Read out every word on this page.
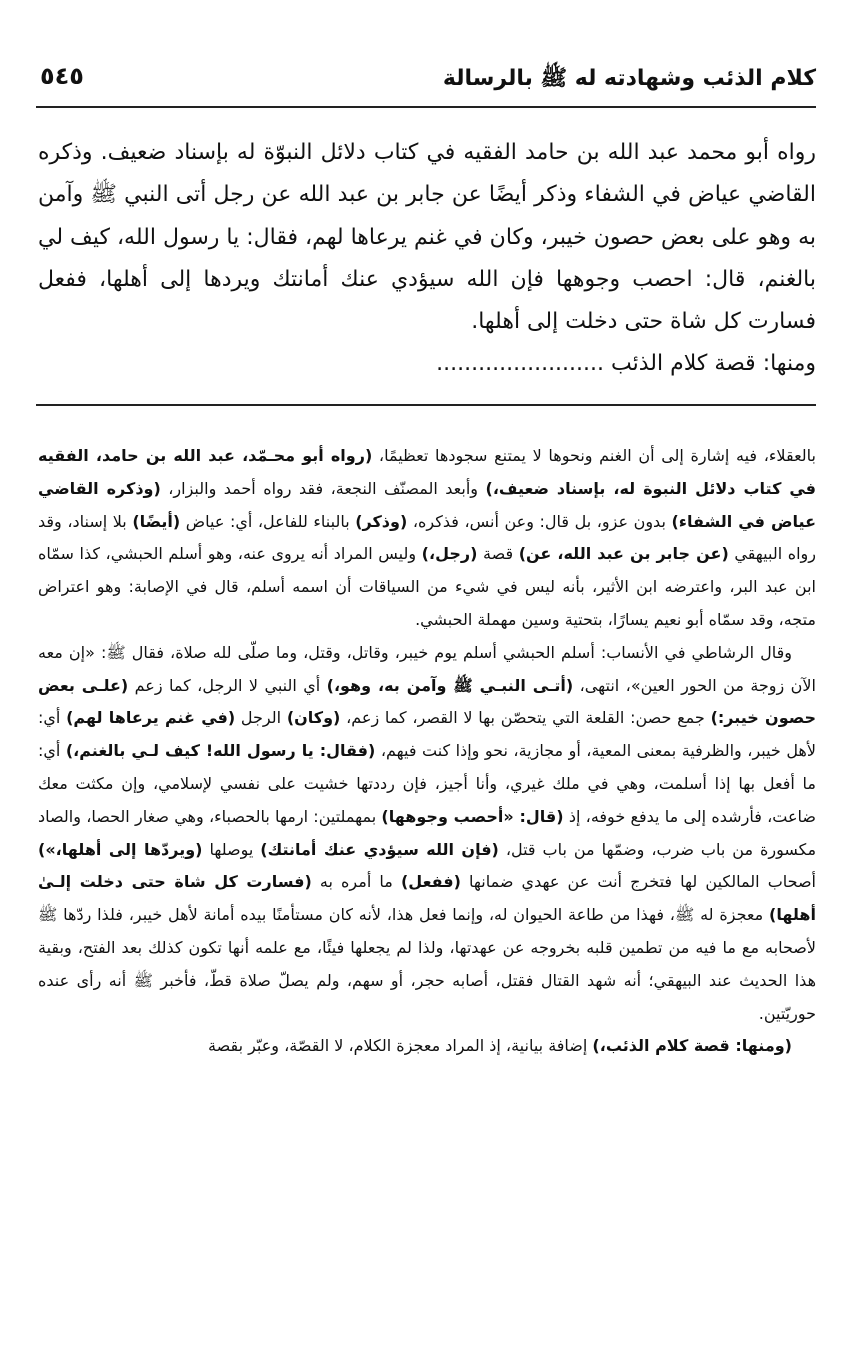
كلام الذئب وشهادته له ﷺ بالرسالة
٥٤٥

رواه أبو محمد عبد الله بن حامد الفقيه في كتاب دلائل النبوّة له بإسناد ضعيف. وذكره القاضي عياض في الشفاء وذكر أيضًا عن جابر بن عبد الله عن رجل أتى النبي ﷺ وآمن به وهو على بعض حصون خيبر، وكان في غنم يرعاها لهم، فقال: يا رسول الله، كيف لي بالغنم، قال: احصب وجوهها فإن الله سيؤدي عنك أمانتك ويردها إلى أهلها، ففعل فسارت كل شاة حتى دخلت إلى أهلها.

ومنها: قصة كلام الذئب ........................

بالعقلاء، فيه إشارة إلى أن الغنم ونحوها لا يمتنع سجودها تعظيمًا، (رواه أبو محـمّد، عبد الله بن حامد، الفقيه في كتاب دلائل النبوة له، بإسناد ضعيف،) وأبعد المصنّف النجعة، فقد رواه أحمد والبزار، (وذكره القاضي عياض في الشفاء) بدون عزو، بل قال: وعن أنس، فذكره، (وذكر) بالبناء للفاعل، أي: عياض (أيضًا) بلا إسناد، وقد رواه البيهقي (عن جابر بن عبد الله، عن) قصة (رجل،) وليس المراد أنه يروى عنه، وهو أسلم الحبشي، كذا سمّاه ابن عبد البر، واعترضه ابن الأثير، بأنه ليس في شيء من السياقات أن اسمه أسلم، قال في الإصابة: وهو اعتراض متجه، وقد سمّاه أبو نعيم يسارًا، بتحتية وسين مهملة الحبشي.

وقال الرشاطي في الأنساب: أسلم الحبشي أسلم يوم خيبر، وقاتل، وقتل، وما صلّى لله صلاة، فقال ﷺ: «إن معه الآن زوجة من الحور العين»، انتهى، (أتـى النبـي ﷺ وآمن به، وهو،) أي النبي لا الرجل، كما زعم (علـى بعض حصون خيبر:) جمع حصن: القلعة التي يتحصّن بها لا القصر، كما زعم، (وكان) الرجل (في غنم يرعاها لهم) أي: لأهل خيبر، والظرفية بمعنى المعية، أو مجازية، نحو وإذا كنت فيهم، (فقال: يا رسول الله! كيف لـي بالغنم،) أي: ما أفعل بها إذا أسلمت، وهي في ملك غيري، وأنا أجيز، فإن رددتها خشيت على نفسي لإسلامي، وإن مكثت معك ضاعت، فأرشده إلى ما يدفع خوفه، إذ (قال: «أحصب وجوهها) بمهملتين: ارمها بالحصباء، وهي صغار الحصا، والصاد مكسورة من باب ضرب، وضمّها من باب قتل، (فإن الله سيؤدي عنك أمانتك) يوصلها (ويردّها إلى أهلها،») أصحاب المالكين لها فتخرج أنت عن عهدي ضمانها (ففعل) ما أمره به (فسارت كل شاة حتى دخلت إلـىٰ أهلها) معجزة له ﷺ، فهذا من طاعة الحيوان له، وإنما فعل هذا، لأنه كان مستأمنًا بيده أمانة لأهل خيبر، فلذا ردّها ﷺ لأصحابه مع ما فيه من تطمين قلبه بخروجه عن عهدتها، ولذا لم يجعلها فيئًا، مع علمه أنها تكون كذلك بعد الفتح، وبقية هذا الحديث عند البيهقي؛ أنه شهد القتال فقتل، أصابه حجر، أو سهم، ولم يصلّ صلاة قطّ، فأخبر ﷺ أنه رأى عنده حوريّتين.

(ومنها: قصة كلام الذئب،) إضافة بيانية، إذ المراد معجزة الكلام، لا القصّة، وعبّر بقصة
